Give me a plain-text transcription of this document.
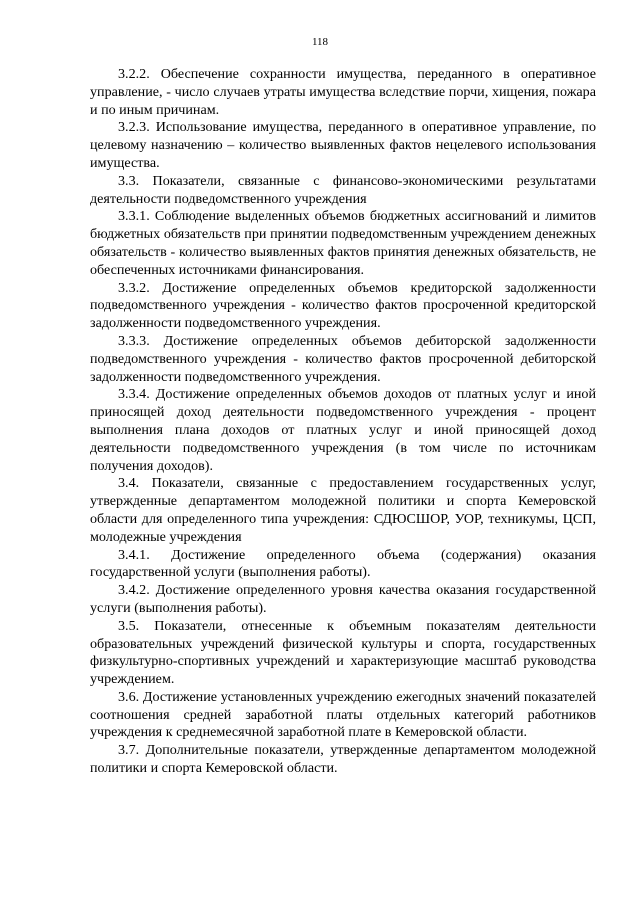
118

3.2.2. Обеспечение сохранности имущества, переданного в оперативное управление, - число случаев утраты имущества вследствие порчи, хищения, пожара и по иным причинам.

3.2.3. Использование имущества, переданного в оперативное управление, по целевому назначению – количество выявленных фактов нецелевого использования имущества.

3.3. Показатели, связанные с финансово-экономическими результатами деятельности подведомственного учреждения

3.3.1. Соблюдение выделенных объемов бюджетных ассигнований и лимитов бюджетных обязательств при принятии подведомственным учреждением денежных обязательств - количество выявленных фактов принятия денежных обязательств, не обеспеченных источниками финансирования.

3.3.2. Достижение определенных объемов кредиторской задолженности подведомственного учреждения - количество фактов просроченной кредиторской задолженности подведомственного учреждения.

3.3.3. Достижение определенных объемов дебиторской задолженности подведомственного учреждения - количество фактов просроченной дебиторской задолженности подведомственного учреждения.

3.3.4. Достижение определенных объемов доходов от платных услуг и иной приносящей доход деятельности подведомственного учреждения - процент выполнения плана доходов от платных услуг и иной приносящей доход деятельности подведомственного учреждения (в том числе по источникам получения доходов).

3.4. Показатели, связанные с предоставлением государственных услуг, утвержденные департаментом молодежной политики и спорта Кемеровской области для определенного типа учреждения: СДЮСШОР, УОР, техникумы, ЦСП, молодежные учреждения

3.4.1. Достижение определенного объема (содержания) оказания государственной услуги (выполнения работы).

3.4.2. Достижение определенного уровня качества оказания государственной услуги (выполнения работы).

3.5. Показатели, отнесенные к объемным показателям деятельности образовательных учреждений физической культуры и спорта, государственных физкультурно-спортивных учреждений и характеризующие масштаб руководства учреждением.

3.6. Достижение установленных учреждению ежегодных значений показателей соотношения средней заработной платы отдельных категорий работников учреждения к среднемесячной заработной плате в Кемеровской области.

3.7. Дополнительные показатели, утвержденные департаментом молодежной политики и спорта Кемеровской области.
